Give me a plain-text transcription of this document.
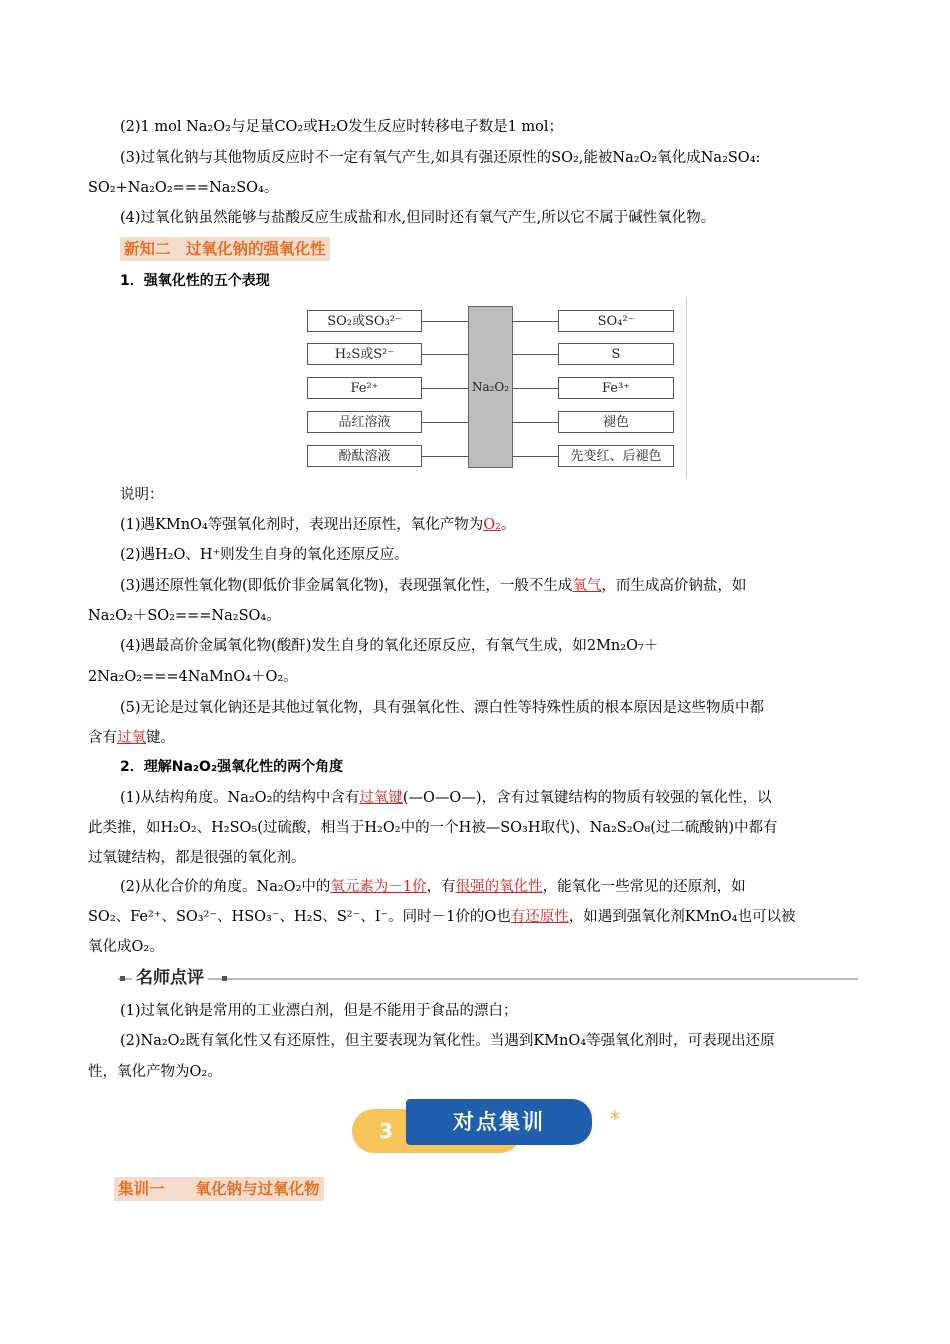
(2)1 mol Na₂O₂与足量CO₂或H₂O发生反应时转移电子数是1 mol；
(3)过氧化钠与其他物质反应时不一定有氧气产生,如具有强还原性的SO₂,能被Na₂O₂氧化成Na₂SO₄:
SO₂+Na₂O₂===Na₂SO₄。
(4)过氧化钠虽然能够与盐酸反应生成盐和水,但同时还有氧气产生,所以它不属于碱性氧化物。
新知二　过氧化钠的强氧化性
1．强氧化性的五个表现
SO₂或SO₃²⁻
H₂S或S²⁻
Fe²⁺
品红溶液
酚酞溶液
Na₂O₂
SO₄²⁻
S
Fe³⁺
褪色
先变红、后褪色
说明：
(1)遇KMnO₄等强氧化剂时，表现出还原性，氧化产物为O₂。
(2)遇H₂O、H⁺则发生自身的氧化还原反应。
(3)遇还原性氧化物(即低价非金属氧化物)，表现强氧化性，一般不生成氧气，而生成高价钠盐，如
Na₂O₂＋SO₂===Na₂SO₄。
(4)遇最高价金属氧化物(酸酐)发生自身的氧化还原反应，有氧气生成，如2Mn₂O₇＋
2Na₂O₂===4NaMnO₄＋O₂。
(5)无论是过氧化钠还是其他过氧化物，具有强氧化性、漂白性等特殊性质的根本原因是这些物质中都
含有过氧键。
2．理解Na₂O₂强氧化性的两个角度
(1)从结构角度。Na₂O₂的结构中含有过氧键(—O—O—)，含有过氧键结构的物质有较强的氧化性，以
此类推，如H₂O₂、H₂SO₅(过硫酸，相当于H₂O₂中的一个H被—SO₃H取代)、Na₂S₂O₈(过二硫酸钠)中都有
过氧键结构，都是很强的氧化剂。
(2)从化合价的角度。Na₂O₂中的氧元素为－1价，有很强的氧化性，能氧化一些常见的还原剂，如
SO₂、Fe²⁺、SO₃²⁻、HSO₃⁻、H₂S、S²⁻、I⁻。同时－1价的O也有还原性，如遇到强氧化剂KMnO₄也可以被
氧化成O₂。
名师点评
(1)过氧化钠是常用的工业漂白剂，但是不能用于食品的漂白；
(2)Na₂O₂既有氧化性又有还原性，但主要表现为氧化性。当遇到KMnO₄等强氧化剂时，可表现出还原
性，氧化产物为O₂。
3	对点集训	*
集训一　　氧化钠与过氧化物
